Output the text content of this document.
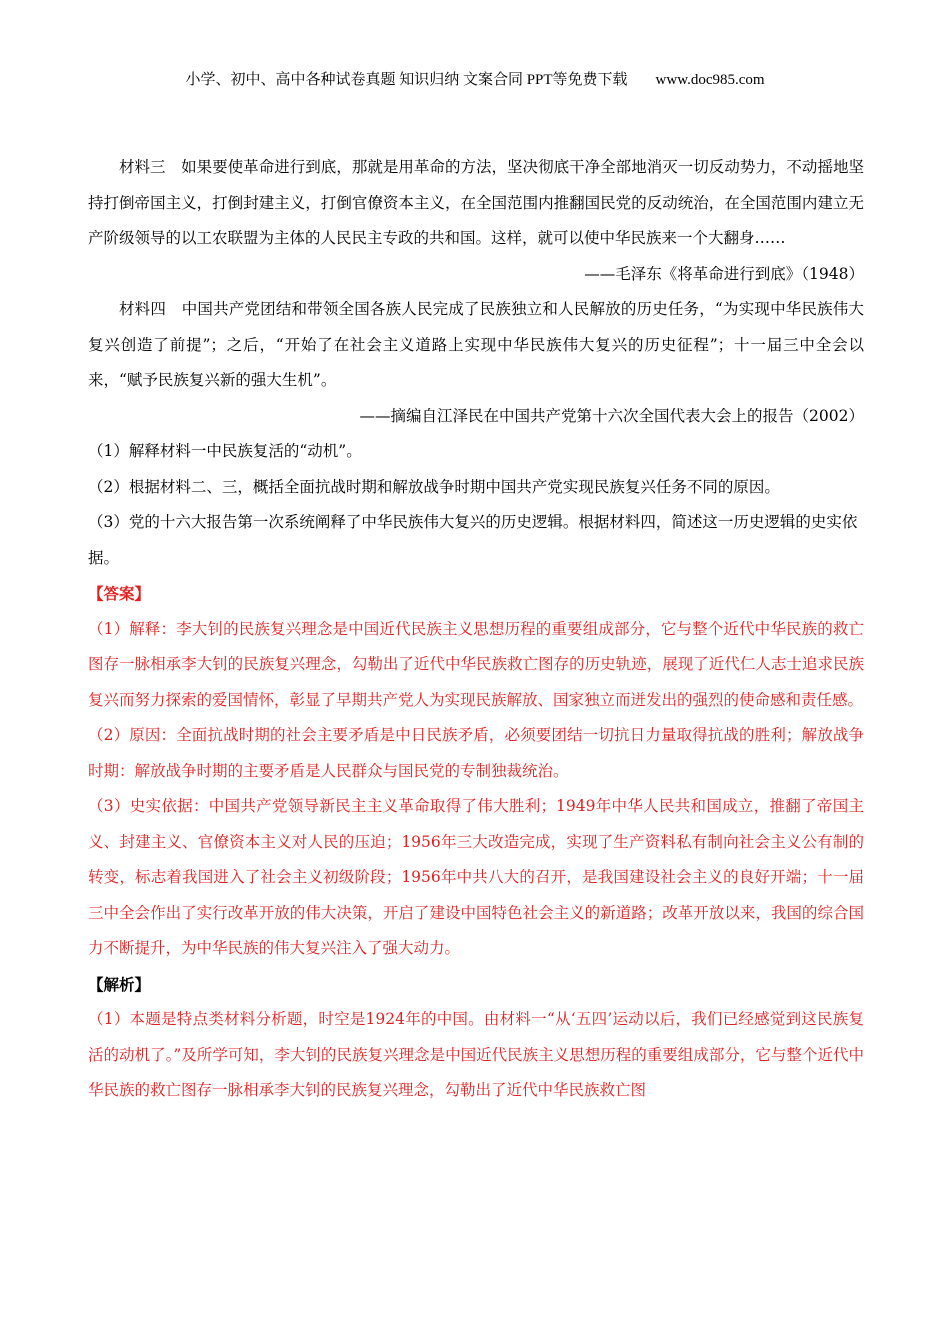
小学、初中、高中各种试卷真题 知识归纳 文案合同 PPT等免费下载 www.doc985.com

材料三　如果要使革命进行到底，那就是用革命的方法，坚决彻底干净全部地消灭一切反动势力，不动摇地坚持打倒帝国主义，打倒封建主义，打倒官僚资本主义，在全国范围内推翻国民党的反动统治，在全国范围内建立无产阶级领导的以工农联盟为主体的人民民主专政的共和国。这样，就可以使中华民族来一个大翻身……

——毛泽东《将革命进行到底》（1948）

材料四　中国共产党团结和带领全国各族人民完成了民族独立和人民解放的历史任务，“为实现中华民族伟大复兴创造了前提”；之后，“开始了在社会主义道路上实现中华民族伟大复兴的历史征程”；十一届三中全会以来，“赋予民族复兴新的强大生机”。

——摘编自江泽民在中国共产党第十六次全国代表大会上的报告（2002）

（1）解释材料一中民族复活的“动机”。

（2）根据材料二、三，概括全面抗战时期和解放战争时期中国共产党实现民族复兴任务不同的原因。

（3）党的十六大报告第一次系统阐释了中华民族伟大复兴的历史逻辑。根据材料四，简述这一历史逻辑的史实依据。

【答案】

（1）解释：李大钊的民族复兴理念是中国近代民族主义思想历程的重要组成部分，它与整个近代中华民族的救亡图存一脉相承李大钊的民族复兴理念，勾勒出了近代中华民族救亡图存的历史轨迹，展现了近代仁人志士追求民族复兴而努力探索的爱国情怀，彰显了早期共产党人为实现民族解放、国家独立而迸发出的强烈的使命感和责任感。

（2）原因：全面抗战时期的社会主要矛盾是中日民族矛盾，必须要团结一切抗日力量取得抗战的胜利；解放战争时期：解放战争时期的主要矛盾是人民群众与国民党的专制独裁统治。

（3）史实依据：中国共产党领导新民主主义革命取得了伟大胜利；1949年中华人民共和国成立，推翻了帝国主义、封建主义、官僚资本主义对人民的压迫；1956年三大改造完成，实现了生产资料私有制向社会主义公有制的转变，标志着我国进入了社会主义初级阶段；1956年中共八大的召开，是我国建设社会主义的良好开端；十一届三中全会作出了实行改革开放的伟大决策，开启了建设中国特色社会主义的新道路；改革开放以来，我国的综合国力不断提升，为中华民族的伟大复兴注入了强大动力。

【解析】

（1）本题是特点类材料分析题，时空是1924年的中国。由材料一“从‘五四’运动以后，我们已经感觉到这民族复活的动机了。”及所学可知，李大钊的民族复兴理念是中国近代民族主义思想历程的重要组成部分，它与整个近代中华民族的救亡图存一脉相承李大钊的民族复兴理念，勾勒出了近代中华民族救亡图
